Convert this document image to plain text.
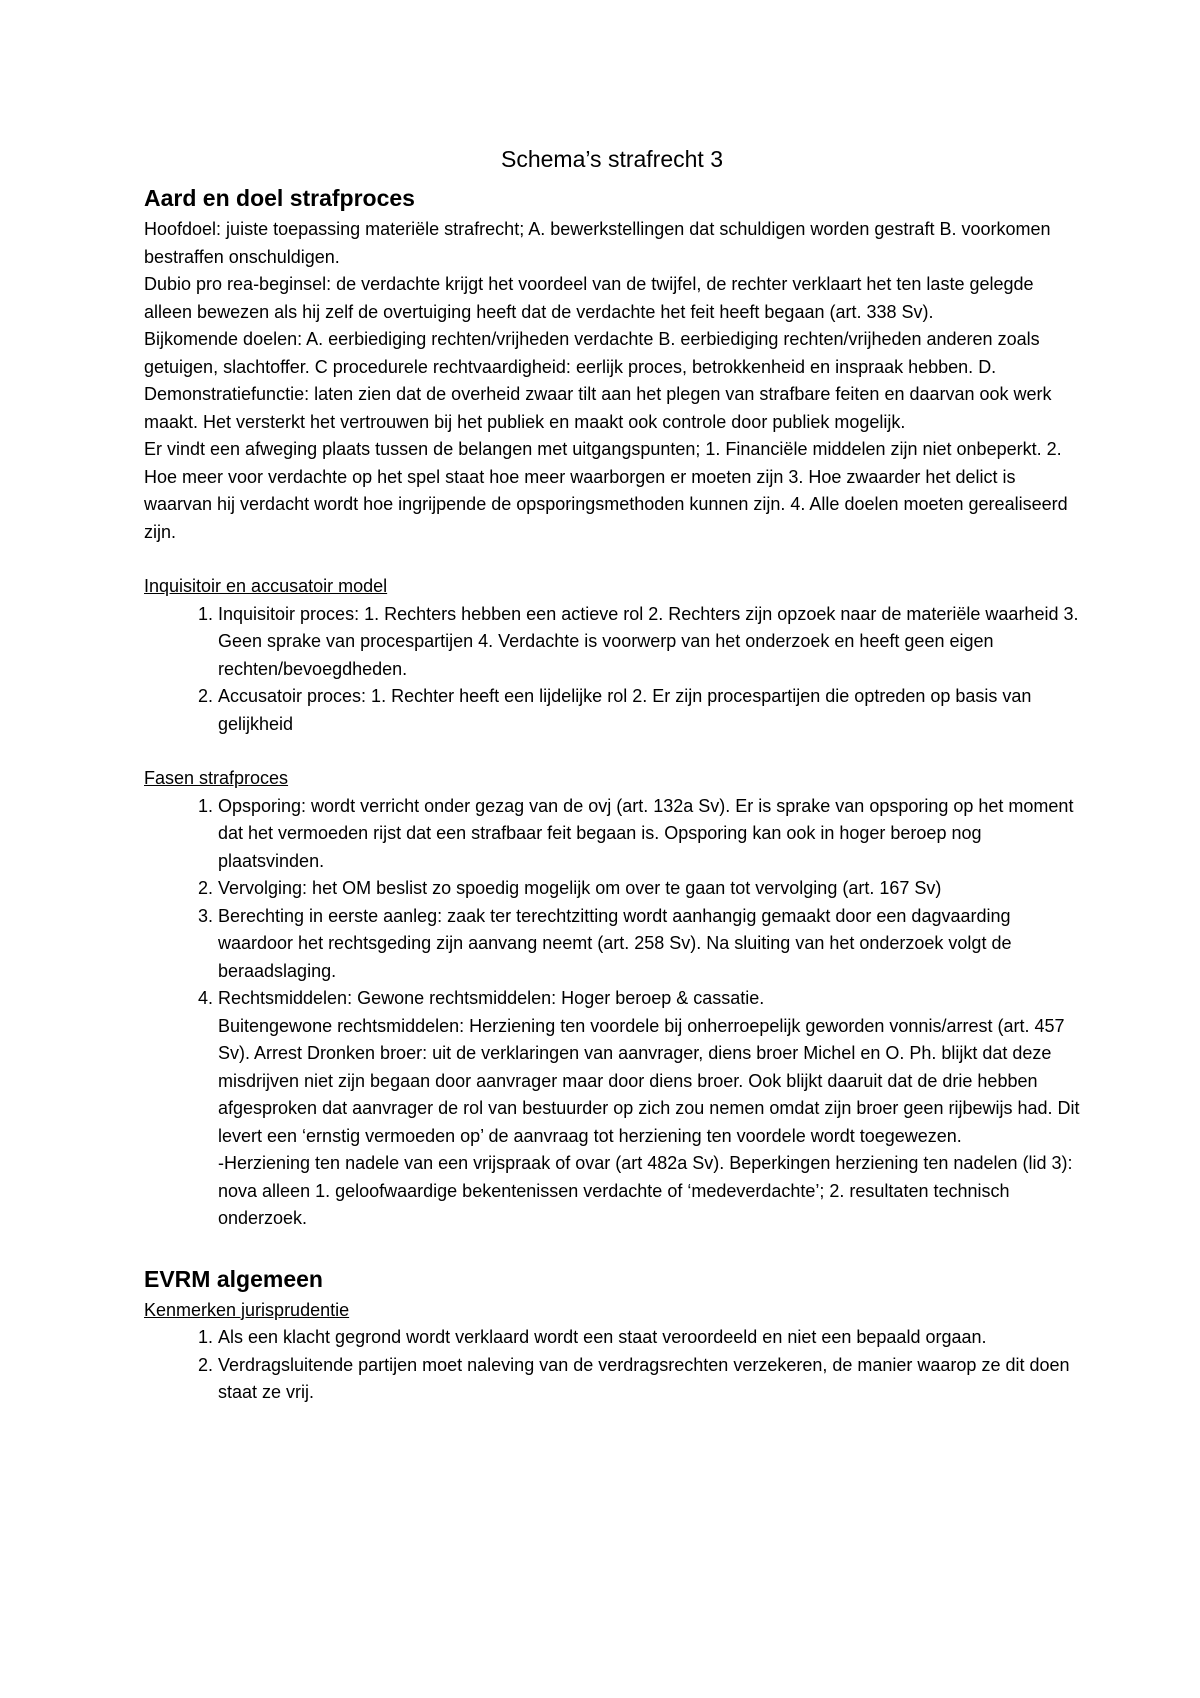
Schema’s strafrecht 3
Aard en doel strafproces

Hoofdoel: juiste toepassing materiële strafrecht; A. bewerkstellingen dat schuldigen worden gestraft B. voorkomen bestraffen onschuldigen.

Dubio pro rea-beginsel: de verdachte krijgt het voordeel van de twijfel, de rechter verklaart het ten laste gelegde alleen bewezen als hij zelf de overtuiging heeft dat de verdachte het feit heeft begaan (art. 338 Sv).

Bijkomende doelen: A. eerbiediging rechten/vrijheden verdachte B. eerbiediging rechten/vrijheden anderen zoals getuigen, slachtoffer. C procedurele rechtvaardigheid: eerlijk proces, betrokkenheid en inspraak hebben. D. Demonstratiefunctie: laten zien dat de overheid zwaar tilt aan het plegen van strafbare feiten en daarvan ook werk maakt. Het versterkt het vertrouwen bij het publiek en maakt ook controle door publiek mogelijk.

Er vindt een afweging plaats tussen de belangen met uitgangspunten; 1. Financiële middelen zijn niet onbeperkt. 2. Hoe meer voor verdachte op het spel staat hoe meer waarborgen er moeten zijn 3. Hoe zwaarder het delict is waarvan hij verdacht wordt hoe ingrijpende de opsporingsmethoden kunnen zijn. 4. Alle doelen moeten gerealiseerd zijn.

Inquisitoir en accusatoir model

1. Inquisitoir proces: 1. Rechters hebben een actieve rol 2. Rechters zijn opzoek naar de materiële waarheid 3. Geen sprake van procespartijen 4. Verdachte is voorwerp van het onderzoek en heeft geen eigen rechten/bevoegdheden.
2. Accusatoir proces: 1. Rechter heeft een lijdelijke rol 2. Er zijn procespartijen die optreden op basis van gelijkheid

Fasen strafproces

1. Opsporing: wordt verricht onder gezag van de ovj (art. 132a Sv). Er is sprake van opsporing op het moment dat het vermoeden rijst dat een strafbaar feit begaan is. Opsporing kan ook in hoger beroep nog plaatsvinden.
2. Vervolging: het OM beslist zo spoedig mogelijk om over te gaan tot vervolging (art. 167 Sv)
3. Berechting in eerste aanleg: zaak ter terechtzitting wordt aanhangig gemaakt door een dagvaarding waardoor het rechtsgeding zijn aanvang neemt (art. 258 Sv). Na sluiting van het onderzoek volgt de beraadslaging.
4. Rechtsmiddelen: Gewone rechtsmiddelen: Hoger beroep & cassatie.
Buitengewone rechtsmiddelen: Herziening ten voordele bij onherroepelijk geworden vonnis/arrest (art. 457 Sv). Arrest Dronken broer: uit de verklaringen van aanvrager, diens broer Michel en O. Ph. blijkt dat deze misdrijven niet zijn begaan door aanvrager maar door diens broer. Ook blijkt daaruit dat de drie hebben afgesproken dat aanvrager de rol van bestuurder op zich zou nemen omdat zijn broer geen rijbewijs had. Dit levert een ‘ernstig vermoeden op’ de aanvraag tot herziening ten voordele wordt toegewezen.
-Herziening ten nadele van een vrijspraak of ovar (art 482a Sv). Beperkingen herziening ten nadelen (lid 3): nova alleen 1. geloofwaardige bekentenissen verdachte of ‘medeverdachte’; 2. resultaten technisch onderzoek.
EVRM algemeen

Kenmerken jurisprudentie

1. Als een klacht gegrond wordt verklaard wordt een staat veroordeeld en niet een bepaald orgaan.
2. Verdragsluitende partijen moet naleving van de verdragsrechten verzekeren, de manier waarop ze dit doen staat ze vrij.
